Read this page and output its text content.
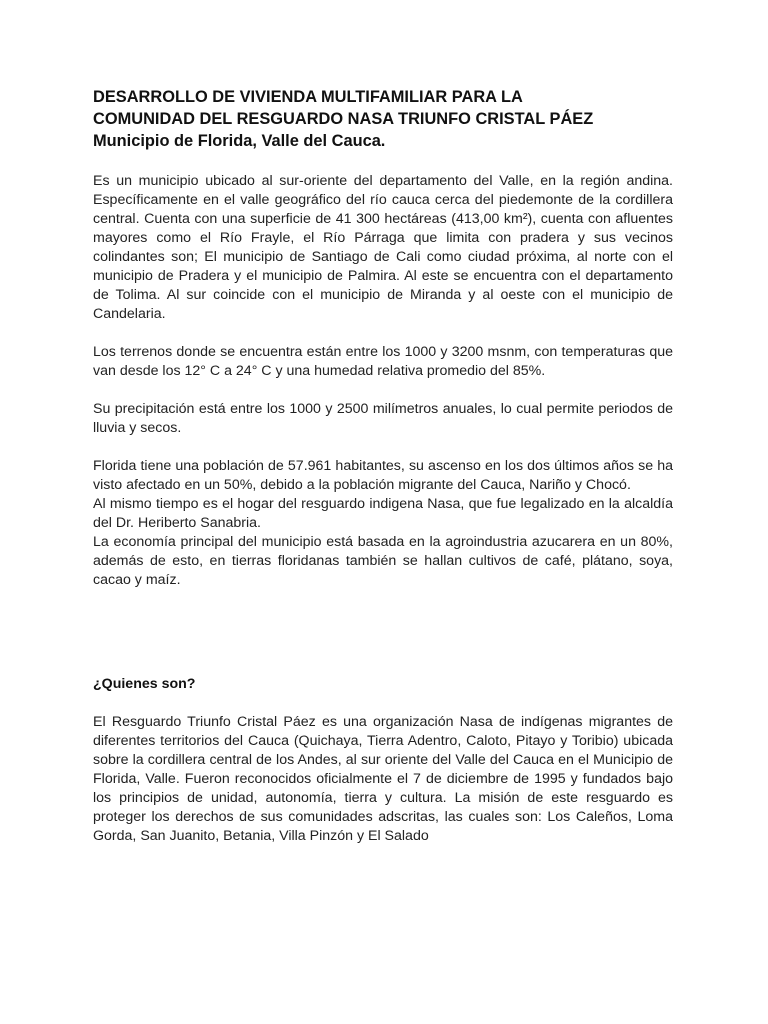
DESARROLLO DE VIVIENDA MULTIFAMILIAR PARA LA
COMUNIDAD DEL RESGUARDO NASA TRIUNFO CRISTAL PÁEZ
Municipio de Florida, Valle del Cauca.

Es un municipio ubicado al sur-oriente del departamento del Valle, en la región andina. Específicamente en el valle geográfico del río cauca cerca del piedemonte de la cordillera central. Cuenta con una superficie de 41 300 hectáreas (413,00 km²), cuenta con afluentes mayores como el Río Frayle, el Río Párraga que limita con pradera y sus vecinos colindantes son; El municipio de Santiago de Cali como ciudad próxima, al norte con el municipio de Pradera y el municipio de Palmira. Al este se encuentra con el departamento de Tolima. Al sur coincide con el municipio de Miranda y al oeste con el municipio de Candelaria.

Los terrenos donde se encuentra están entre los 1000 y 3200 msnm, con temperaturas que van desde los 12° C a 24° C y una humedad relativa promedio del 85%.

Su precipitación está entre los 1000 y 2500 milímetros anuales, lo cual permite periodos de lluvia y secos.

Florida tiene una población de 57.961 habitantes, su ascenso en los dos últimos años se ha visto afectado en un 50%, debido a la población migrante del Cauca, Nariño y Chocó.

Al mismo tiempo es el hogar del resguardo indigena Nasa, que fue legalizado en la alcaldía del Dr. Heriberto Sanabria.

La economía principal del municipio está basada en la agroindustria azucarera en un 80%, además de esto, en tierras floridanas también se hallan cultivos de café, plátano, soya, cacao y maíz.

¿Quienes son?

El Resguardo Triunfo Cristal Páez es una organización Nasa de indígenas migrantes de diferentes territorios del Cauca (Quichaya, Tierra Adentro, Caloto, Pitayo y Toribio) ubicada sobre la cordillera central de los Andes, al sur oriente del Valle del Cauca en el Municipio de Florida, Valle. Fueron reconocidos oficialmente el 7 de diciembre de 1995 y fundados bajo los principios de unidad, autonomía, tierra y cultura. La misión de este resguardo es proteger los derechos de sus comunidades adscritas, las cuales son: Los Caleños, Loma Gorda, San Juanito, Betania, Villa Pinzón y El Salado
